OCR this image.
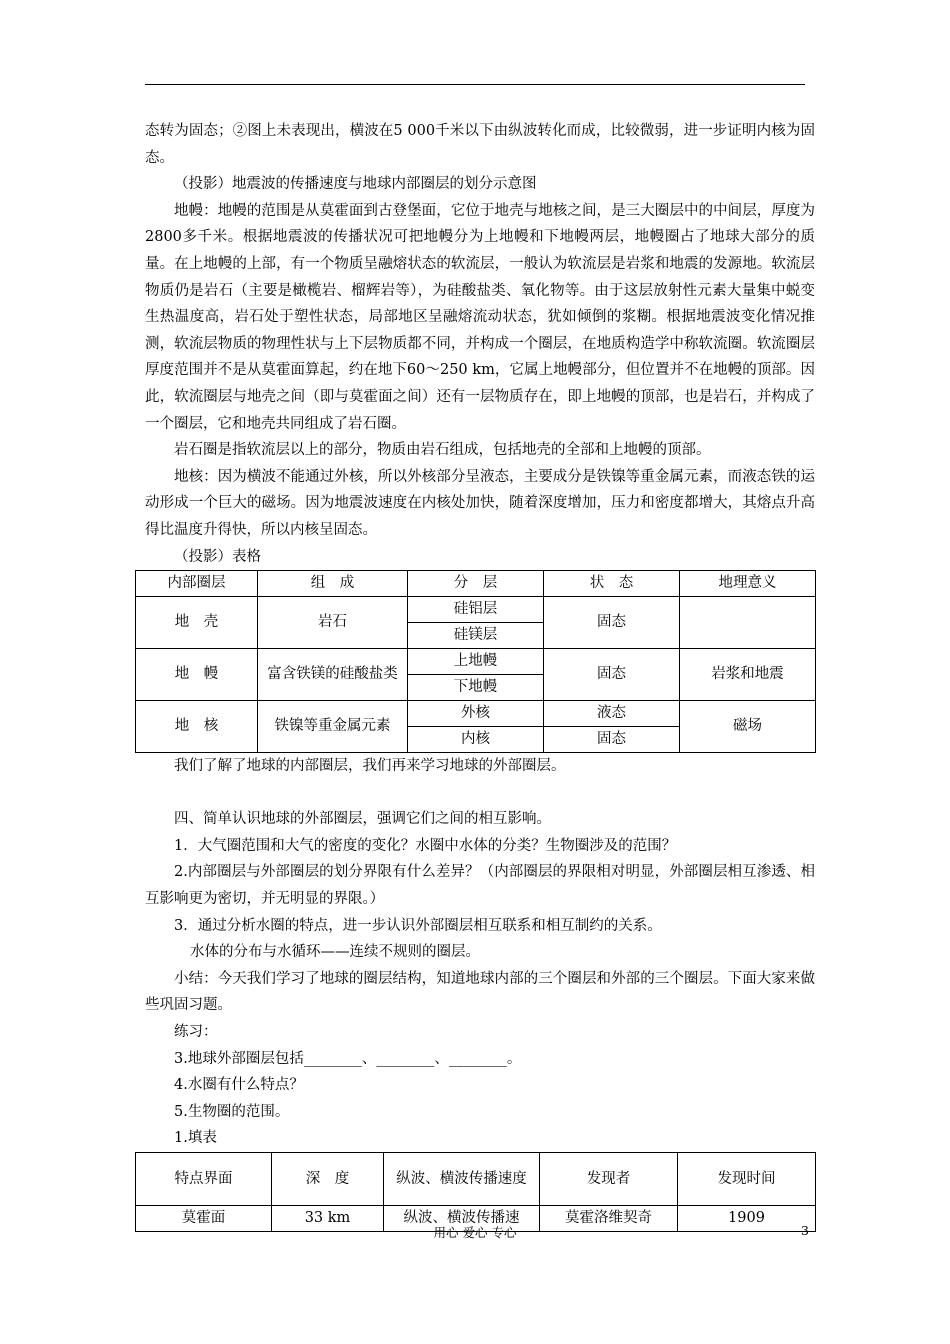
态转为固态；②图上未表现出，横波在5 000千米以下由纵波转化而成，比较微弱，进一步证明内核为固态。

（投影）地震波的传播速度与地球内部圈层的划分示意图

地幔：地幔的范围是从莫霍面到古登堡面，它位于地壳与地核之间，是三大圈层中的中间层，厚度为2800多千米。根据地震波的传播状况可把地幔分为上地幔和下地幔两层，地幔圈占了地球大部分的质量。在上地幔的上部，有一个物质呈融熔状态的软流层，一般认为软流层是岩浆和地震的发源地。软流层物质仍是岩石（主要是橄榄岩、榴辉岩等），为硅酸盐类、氧化物等。由于这层放射性元素大量集中蜕变生热温度高，岩石处于塑性状态，局部地区呈融熔流动状态，犹如倾倒的浆糊。根据地震波变化情况推测，软流层物质的物理性状与上下层物质都不同，并构成一个圈层，在地质构造学中称软流圈。软流圈层厚度范围并不是从莫霍面算起，约在地下60～250 km，它属上地幔部分，但位置并不在地幔的顶部。因此，软流圈层与地壳之间（即与莫霍面之间）还有一层物质存在，即上地幔的顶部，也是岩石，并构成了一个圈层，它和地壳共同组成了岩石圈。

岩石圈是指软流层以上的部分，物质由岩石组成，包括地壳的全部和上地幔的顶部。

地核：因为横波不能通过外核，所以外核部分呈液态，主要成分是铁镍等重金属元素，而液态铁的运动形成一个巨大的磁场。因为地震波速度在内核处加快，随着深度增加，压力和密度都增大，其熔点升高得比温度升得快，所以内核呈固态。

（投影）表格

内部圈层	组　成	分　层	状　态	地理意义
地　壳	岩石	硅铝层	固态	
		硅镁层		
地　幔	富含铁镁的硅酸盐类	上地幔	固态	岩浆和地震
		下地幔		
地　核	铁镍等重金属元素	外核	液态	磁场
		内核	固态	

我们了解了地球的内部圈层，我们再来学习地球的外部圈层。

四、简单认识地球的外部圈层，强调它们之间的相互影响。

1．大气圈范围和大气的密度的变化？水圈中水体的分类？生物圈涉及的范围？

2.内部圈层与外部圈层的划分界限有什么差异？（内部圈层的界限相对明显，外部圈层相互渗透、相互影响更为密切，并无明显的界限。）

3．通过分析水圈的特点，进一步认识外部圈层相互联系和相互制约的关系。

水体的分布与水循环——连续不规则的圈层。

小结：今天我们学习了地球的圈层结构，知道地球内部的三个圈层和外部的三个圈层。下面大家来做些巩固习题。

练习：

3.地球外部圈层包括________、________、________。

4.水圈有什么特点？

5.生物圈的范围。

1.填表

特点界面	深　度	纵波、横波传播速度	发现者	发现时间
莫霍面	33 km	纵波、横波传播速	莫霍洛维契奇	1909
用心 爱心 专心	3
